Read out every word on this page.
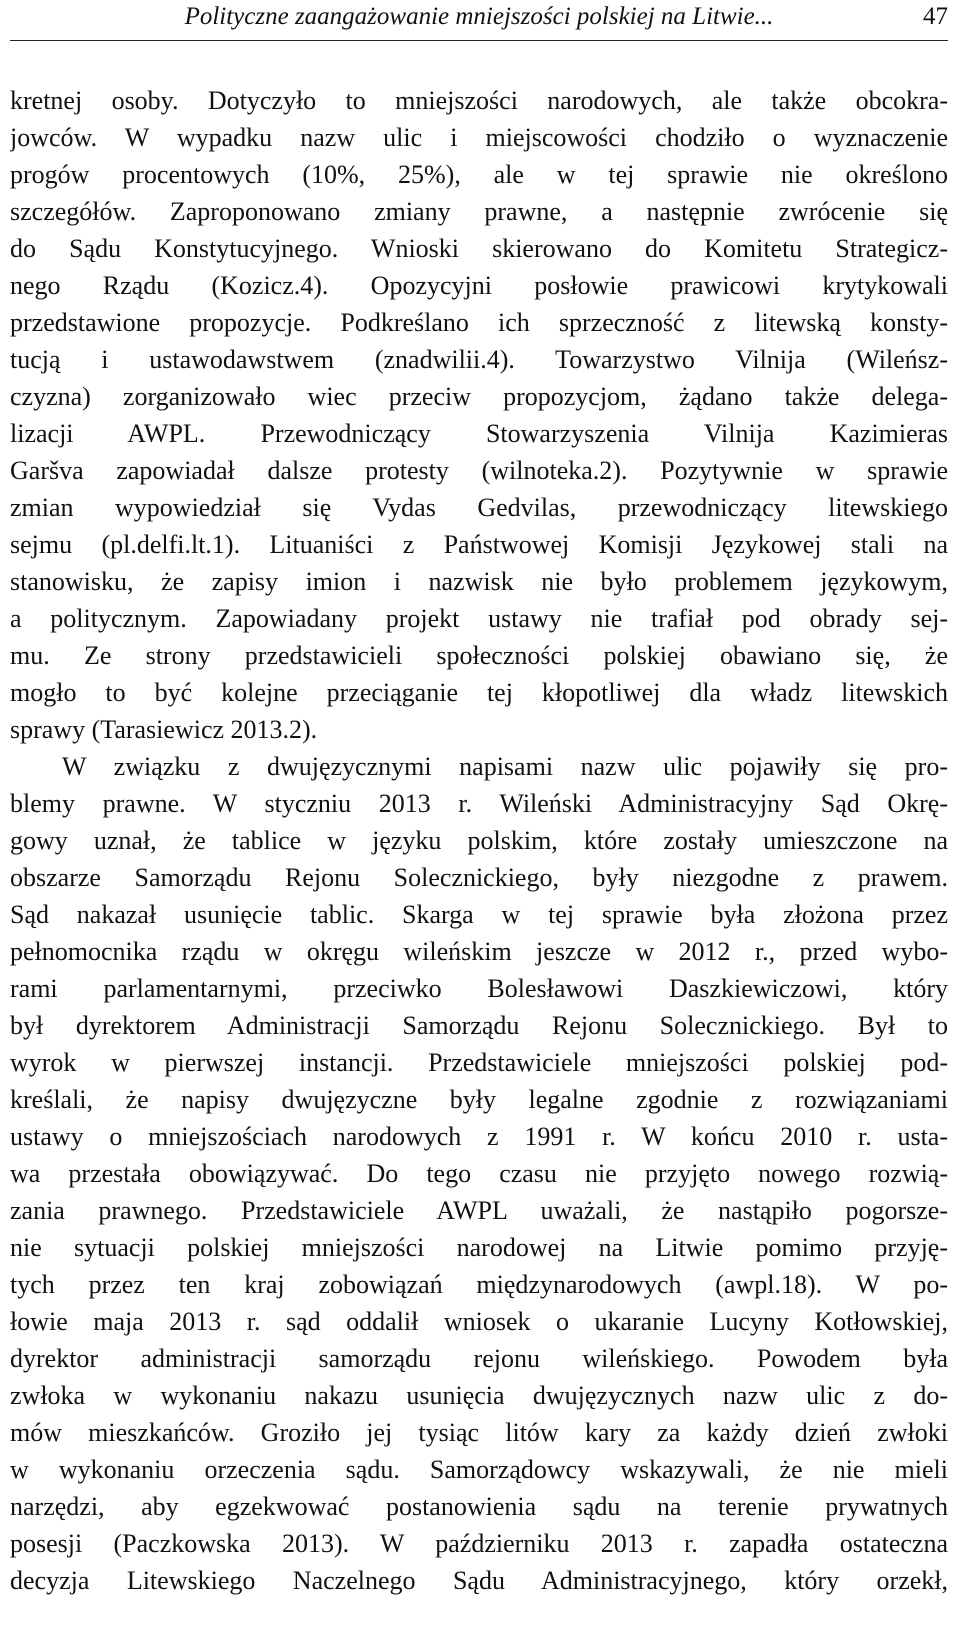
Polityczne zaangażowanie mniejszości polskiej na Litwie...	47
kretnej osoby. Dotyczyło to mniejszości narodowych, ale także obcokra-
jowców. W wypadku nazw ulic i miejscowości chodziło o wyznaczenie
progów procentowych (10%, 25%), ale w tej sprawie nie określono
szczegółów. Zaproponowano zmiany prawne, a następnie zwrócenie się
do Sądu Konstytucyjnego. Wnioski skierowano do Komitetu Strategicz-
nego Rządu (Kozicz.4). Opozycyjni posłowie prawicowi krytykowali
przedstawione propozycje. Podkreślano ich sprzeczność z litewską konsty-
tucją i ustawodawstwem (znadwilii.4). Towarzystwo Vilnija (Wileńsz-
czyzna) zorganizowało wiec przeciw propozycjom, żądano także delega-
lizacji AWPL. Przewodniczący Stowarzyszenia Vilnija Kazimieras
Garšva zapowiadał dalsze protesty (wilnoteka.2). Pozytywnie w sprawie
zmian wypowiedział się Vydas Gedvilas, przewodniczący litewskiego
sejmu (pl.delfi.lt.1). Lituaniści z Państwowej Komisji Językowej stali na
stanowisku, że zapisy imion i nazwisk nie było problemem językowym,
a politycznym. Zapowiadany projekt ustawy nie trafiał pod obrady sej-
mu. Ze strony przedstawicieli społeczności polskiej obawiano się, że
mogło to być kolejne przeciąganie tej kłopotliwej dla władz litewskich
sprawy (Tarasiewicz 2013.2).
W związku z dwujęzycznymi napisami nazw ulic pojawiły się pro-
blemy prawne. W styczniu 2013 r. Wileński Administracyjny Sąd Okrę-
gowy uznał, że tablice w języku polskim, które zostały umieszczone na
obszarze Samorządu Rejonu Solecznickiego, były niezgodne z prawem.
Sąd nakazał usunięcie tablic. Skarga w tej sprawie była złożona przez
pełnomocnika rządu w okręgu wileńskim jeszcze w 2012 r., przed wybo-
rami parlamentarnymi, przeciwko Bolesławowi Daszkiewiczowi, który
był dyrektorem Administracji Samorządu Rejonu Solecznickiego. Był to
wyrok w pierwszej instancji. Przedstawiciele mniejszości polskiej pod-
kreślali, że napisy dwujęzyczne były legalne zgodnie z rozwiązaniami
ustawy o mniejszościach narodowych z 1991 r. W końcu 2010 r. usta-
wa przestała obowiązywać. Do tego czasu nie przyjęto nowego rozwią-
zania prawnego. Przedstawiciele AWPL uważali, że nastąpiło pogorsze-
nie sytuacji polskiej mniejszości narodowej na Litwie pomimo przyję-
tych przez ten kraj zobowiązań międzynarodowych (awpl.18). W po-
łowie maja 2013 r. sąd oddalił wniosek o ukaranie Lucyny Kotłowskiej,
dyrektor administracji samorządu rejonu wileńskiego. Powodem była
zwłoka w wykonaniu nakazu usunięcia dwujęzycznych nazw ulic z do-
mów mieszkańców. Groziło jej tysiąc litów kary za każdy dzień zwłoki
w wykonaniu orzeczenia sądu. Samorządowcy wskazywali, że nie mieli
narzędzi, aby egzekwować postanowienia sądu na terenie prywatnych
posesji (Paczkowska 2013). W październiku 2013 r. zapadła ostateczna
decyzja Litewskiego Naczelnego Sądu Administracyjnego, który orzekł,
